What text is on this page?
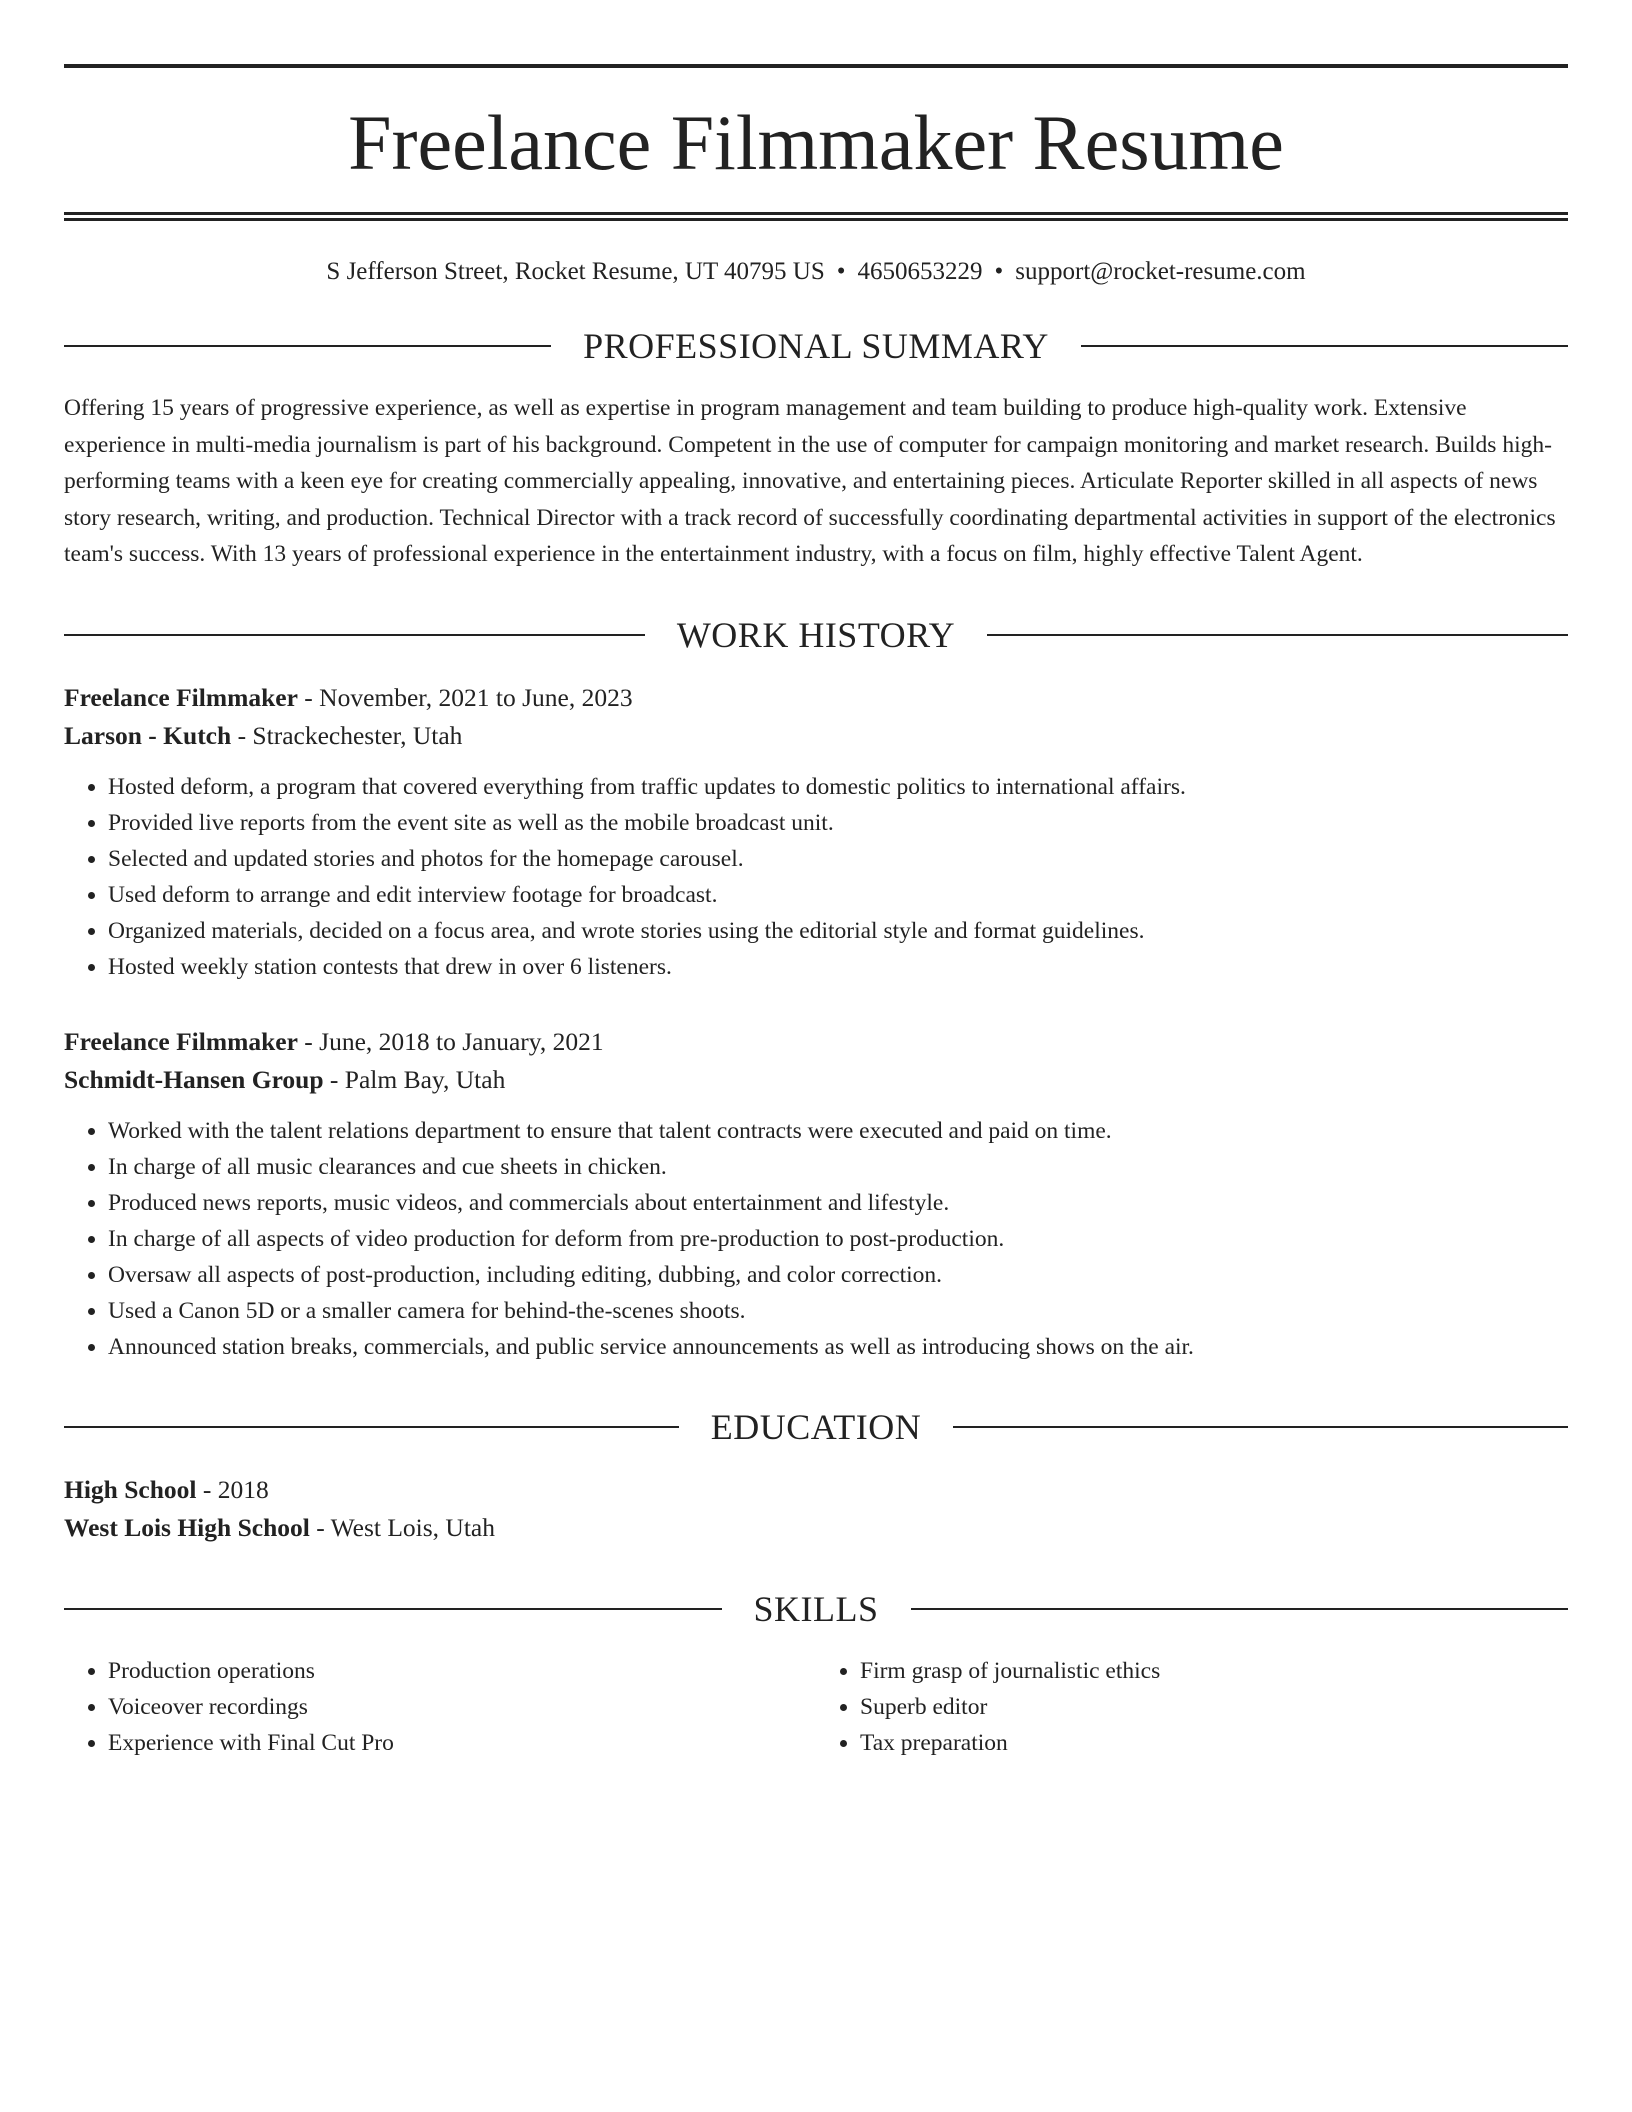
Freelance Filmmaker Resume
S Jefferson Street, Rocket Resume, UT 40795 US • 4650653229 • support@rocket-resume.com
PROFESSIONAL SUMMARY
Offering 15 years of progressive experience, as well as expertise in program management and team building to produce high-quality work. Extensive experience in multi-media journalism is part of his background. Competent in the use of computer for campaign monitoring and market research. Builds high-performing teams with a keen eye for creating commercially appealing, innovative, and entertaining pieces. Articulate Reporter skilled in all aspects of news story research, writing, and production. Technical Director with a track record of successfully coordinating departmental activities in support of the electronics team's success. With 13 years of professional experience in the entertainment industry, with a focus on film, highly effective Talent Agent.
WORK HISTORY
Freelance Filmmaker - November, 2021 to June, 2023
Larson - Kutch - Strackechester, Utah
• Hosted deform, a program that covered everything from traffic updates to domestic politics to international affairs.
• Provided live reports from the event site as well as the mobile broadcast unit.
• Selected and updated stories and photos for the homepage carousel.
• Used deform to arrange and edit interview footage for broadcast.
• Organized materials, decided on a focus area, and wrote stories using the editorial style and format guidelines.
• Hosted weekly station contests that drew in over 6 listeners.
Freelance Filmmaker - June, 2018 to January, 2021
Schmidt-Hansen Group - Palm Bay, Utah
• Worked with the talent relations department to ensure that talent contracts were executed and paid on time.
• In charge of all music clearances and cue sheets in chicken.
• Produced news reports, music videos, and commercials about entertainment and lifestyle.
• In charge of all aspects of video production for deform from pre-production to post-production.
• Oversaw all aspects of post-production, including editing, dubbing, and color correction.
• Used a Canon 5D or a smaller camera for behind-the-scenes shoots.
• Announced station breaks, commercials, and public service announcements as well as introducing shows on the air.
EDUCATION
High School - 2018
West Lois High School - West Lois, Utah
SKILLS
• Production operations
• Voiceover recordings
• Experience with Final Cut Pro
• Firm grasp of journalistic ethics
• Superb editor
• Tax preparation
